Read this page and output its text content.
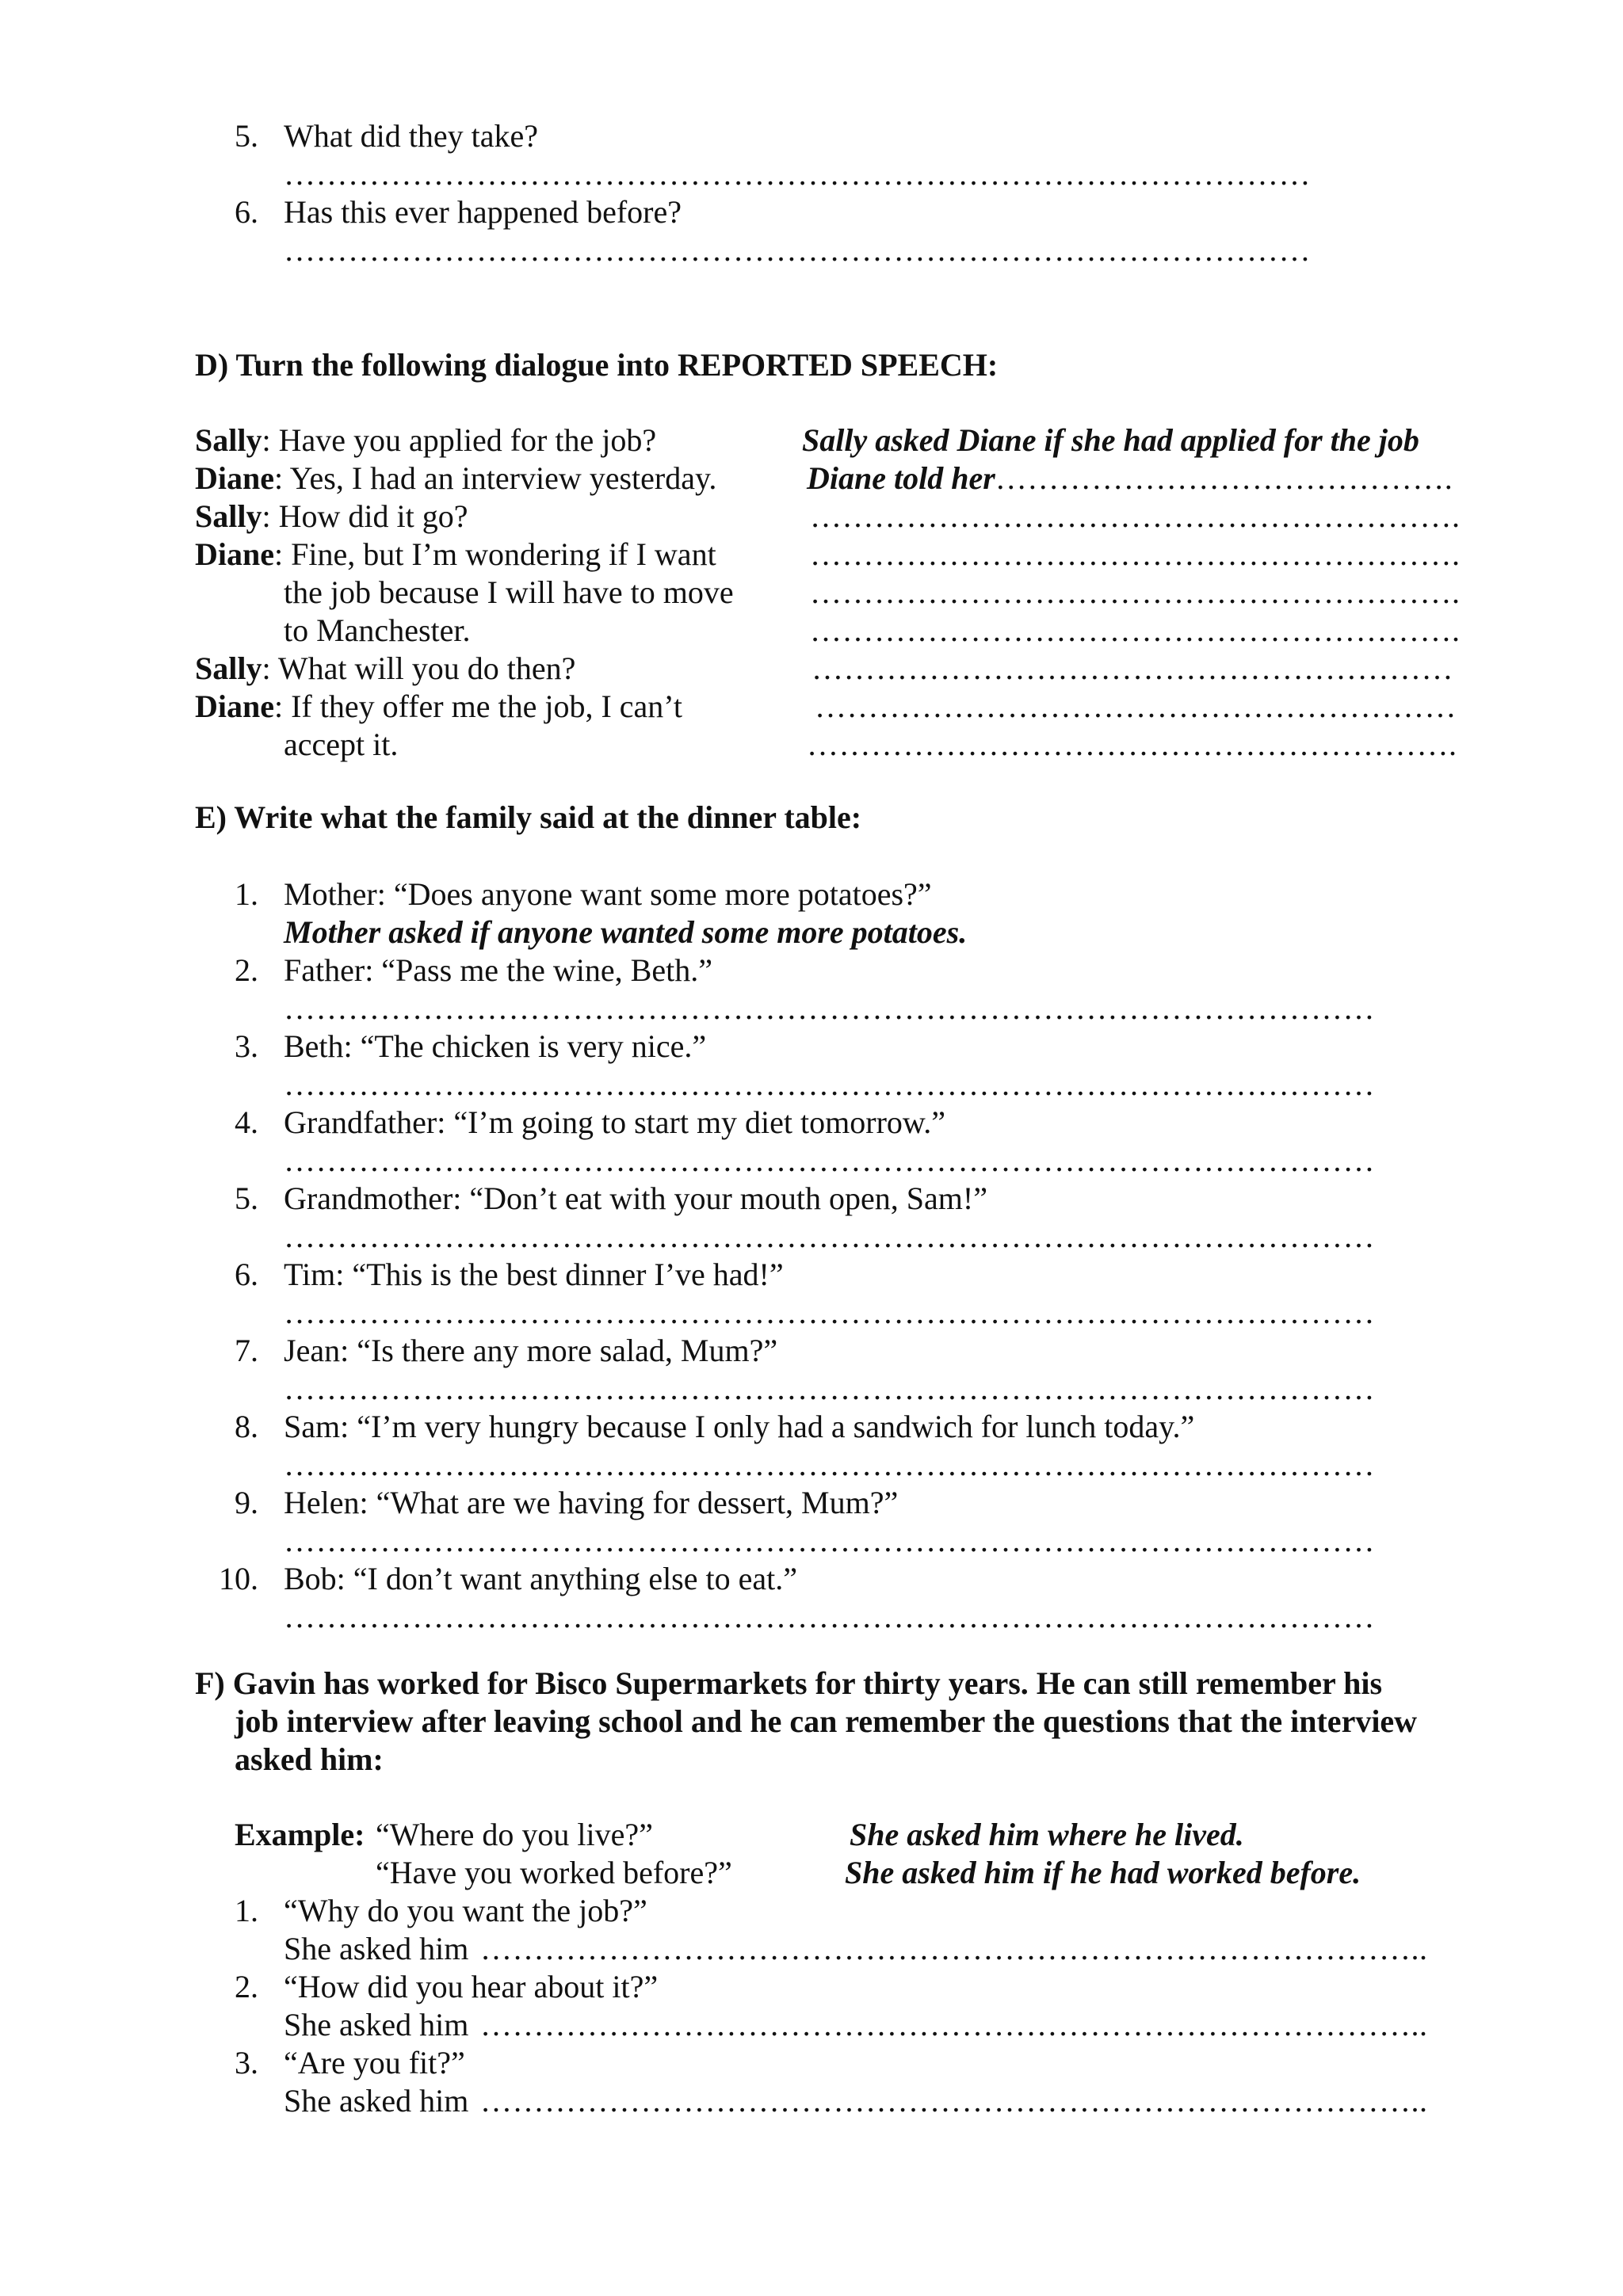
5. What did they take?
……………………………………………………………………………………
6. Has this ever happened before?
……………………………………………………………………………………
D) Turn the following dialogue into REPORTED SPEECH:
Sally: Have you applied for the job?
Diane: Yes, I had an interview yesterday.
Sally: How did it go?
Diane: Fine, but I’m wondering if I want
the job because I will have to move
to Manchester.
Sally: What will you do then?
Diane: If they offer me the job, I can’t
accept it.
Sally asked Diane if she had applied for the job
Diane told her…………………………………….
…………………………………………………….
…………………………………………………….
…………………………………………………….
…………………………………………………….
……………………………………………………
……………………………………………………
…………………………………………………….
E) Write what the family said at the dinner table:
1. Mother: “Does anyone want some more potatoes?”
Mother asked if anyone wanted some more potatoes.
2. Father: “Pass me the wine, Beth.”
…………………………………………………………………………………………
3. Beth: “The chicken is very nice.”
…………………………………………………………………………………………
4. Grandfather: “I’m going to start my diet tomorrow.”
…………………………………………………………………………………………
5. Grandmother: “Don’t eat with your mouth open, Sam!”
…………………………………………………………………………………………
6. Tim: “This is the best dinner I’ve had!”
…………………………………………………………………………………………
7. Jean: “Is there any more salad, Mum?”
…………………………………………………………………………………………
8. Sam: “I’m very hungry because I only had a sandwich for lunch today.”
…………………………………………………………………………………………
9. Helen: “What are we having for dessert, Mum?”
…………………………………………………………………………………………
10. Bob: “I don’t want anything else to eat.”
…………………………………………………………………………………………
F) Gavin has worked for Bisco Supermarkets for thirty years. He can still remember his
job interview after leaving school and he can remember the questions that the interview
asked him:
Example: “Where do you live?”	She asked him where he lived.
“Have you worked before?”	She asked him if he had worked before.
1. “Why do you want the job?”
She asked him ……………………………………………………………………………..
2. “How did you hear about it?”
She asked him ……………………………………………………………………………..
3. “Are you fit?”
She asked him ……………………………………………………………………………..
